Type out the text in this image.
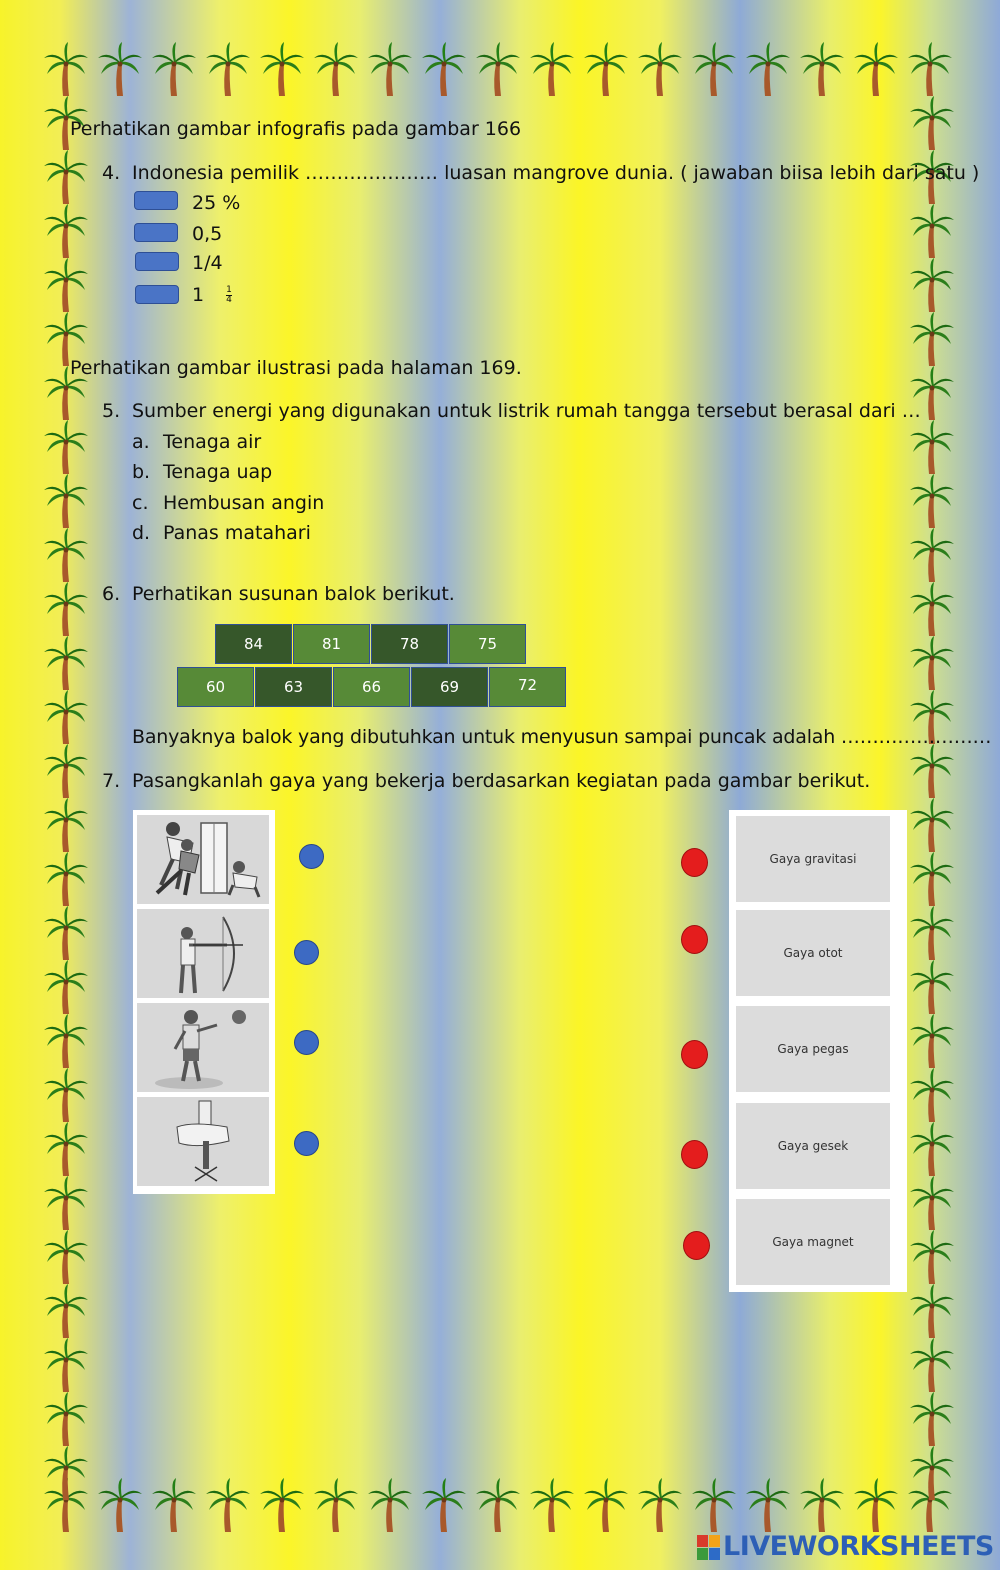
Perhatikan gambar infografis pada gambar 166
4. Indonesia pemilik ………………… luasan mangrove dunia. ( jawaban biisa lebih dari satu )
25 %
0,5
1/4
$1 \frac{1}{4}$
Perhatikan gambar ilustrasi pada halaman 169.
5. Sumber energi yang digunakan untuk listrik rumah tangga tersebut berasal dari …
a. Tenaga air
b. Tenaga uap
c. Hembusan angin
d. Panas matahari
6. Perhatikan susunan balok berikut.
84	81	78	75
60	63	66	69	72
Banyaknya balok yang dibutuhkan untuk menyusun sampai puncak adalah ……………………
7. Pasangkanlah gaya yang bekerja berdasarkan kegiatan pada gambar berikut.
Gaya gravitasi
Gaya otot
Gaya pegas
Gaya gesek
Gaya magnet
LIVEWORKSHEETS
